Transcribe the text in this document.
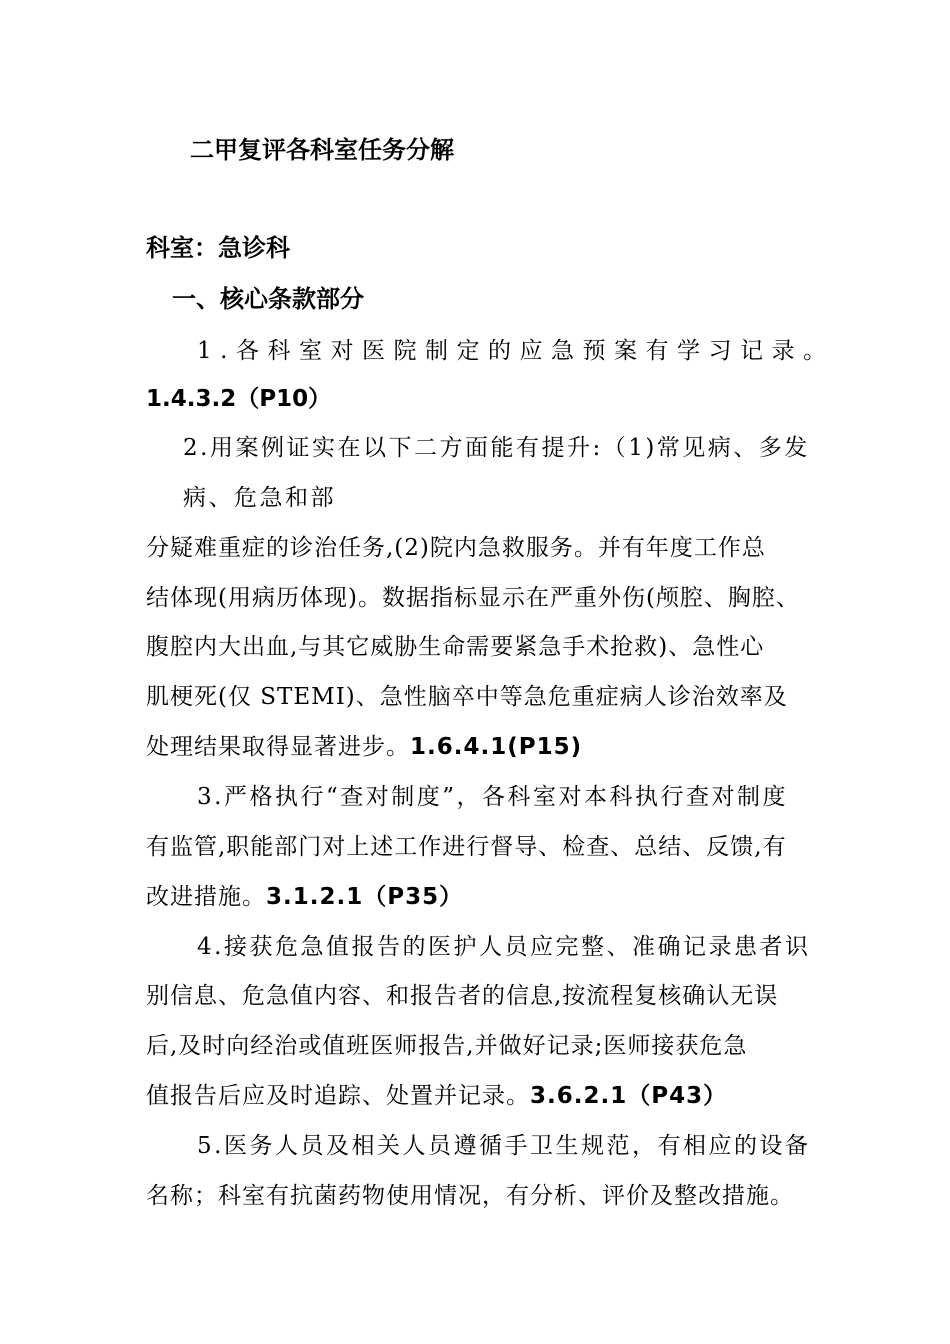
二甲复评各科室任务分解
科室：急诊科
一、核心条款部分
1.各科室对医院制定的应急预案有学习记录。
1.4.3.2（P10）
2.用案例证实在以下二方面能有提升:（1)常见病、多发
病、危急和部
分疑难重症的诊治任务,(2)院内急救服务。并有年度工作总
结体现(用病历体现)。数据指标显示在严重外伤(颅腔、胸腔、
腹腔内大出血,与其它威胁生命需要紧急手术抢救)、急性心
肌梗死(仅 STEMI)、急性脑卒中等急危重症病人诊治效率及
处理结果取得显著进步。1.6.4.1(P15)
3.严格执行“查对制度”，各科室对本科执行查对制度
有监管,职能部门对上述工作进行督导、检查、总结、反馈,有
改进措施。3.1.2.1（P35）
4.接获危急值报告的医护人员应完整、准确记录患者识
别信息、危急值内容、和报告者的信息,按流程复核确认无误
后,及时向经治或值班医师报告,并做好记录;医师接获危急
值报告后应及时追踪、处置并记录。3.6.2.1（P43）
5.医务人员及相关人员遵循手卫生规范，有相应的设备
名称；科室有抗菌药物使用情况，有分析、评价及整改措施。
